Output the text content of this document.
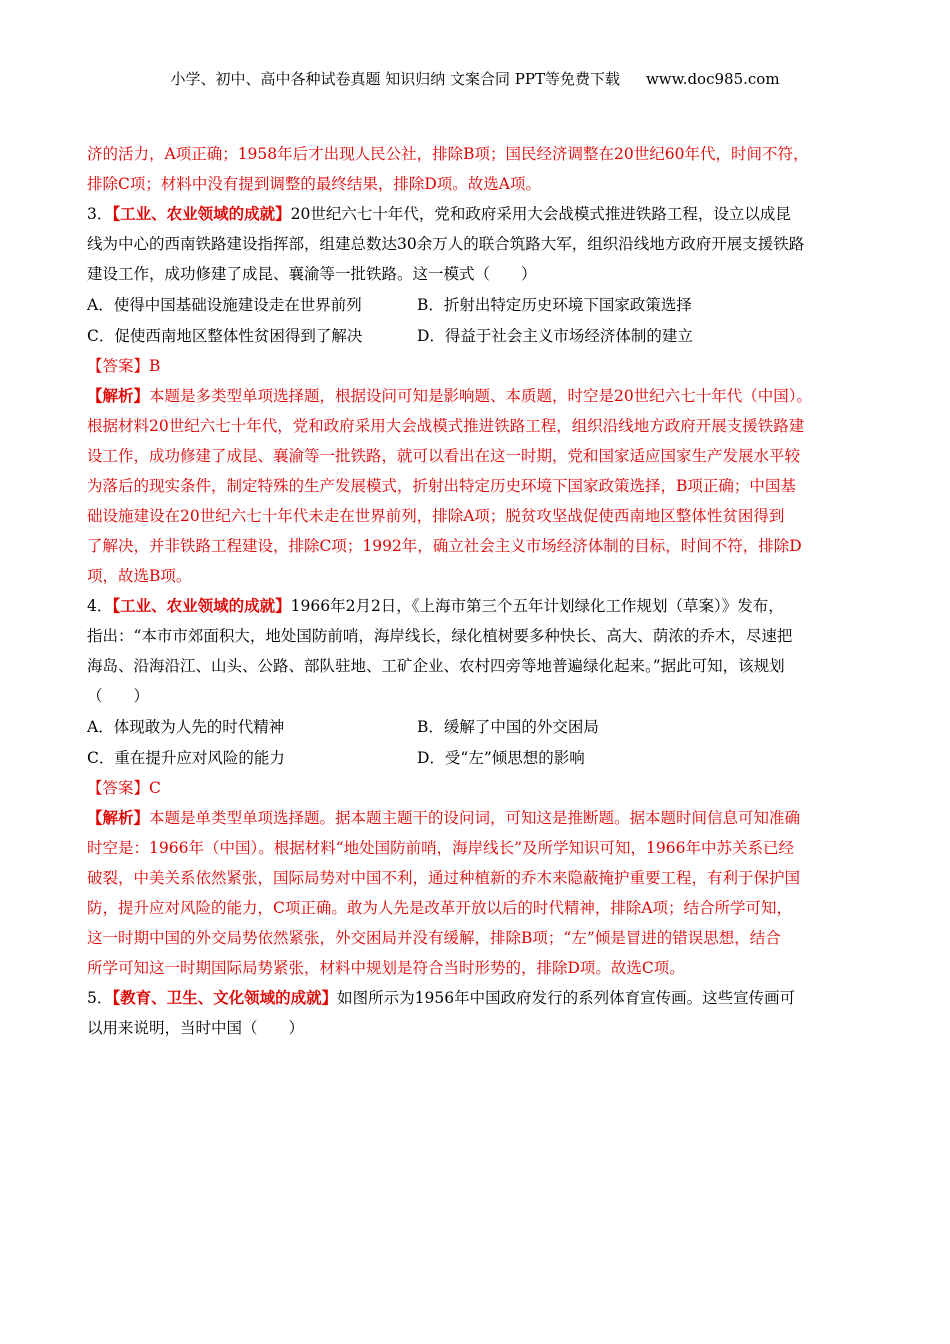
小学、初中、高中各种试卷真题 知识归纳 文案合同 PPT等免费下载 www.doc985.com
济的活力，A项正确；1958年后才出现人民公社，排除B项；国民经济调整在20世纪60年代，时间不符，
排除C项；材料中没有提到调整的最终结果，排除D项。故选A项。
3．【工业、农业领域的成就】20世纪六七十年代，党和政府采用大会战模式推进铁路工程，设立以成昆
线为中心的西南铁路建设指挥部，组建总数达30余万人的联合筑路大军，组织沿线地方政府开展支援铁路
建设工作，成功修建了成昆、襄渝等一批铁路。这一模式（　　）
A．使得中国基础设施建设走在世界前列	B．折射出特定历史环境下国家政策选择
C．促使西南地区整体性贫困得到了解决	D．得益于社会主义市场经济体制的建立
【答案】B
【解析】本题是多类型单项选择题，根据设问可知是影响题、本质题，时空是20世纪六七十年代（中国）。
根据材料20世纪六七十年代，党和政府采用大会战模式推进铁路工程，组织沿线地方政府开展支援铁路建
设工作，成功修建了成昆、襄渝等一批铁路，就可以看出在这一时期，党和国家适应国家生产发展水平较
为落后的现实条件，制定特殊的生产发展模式，折射出特定历史环境下国家政策选择，B项正确；中国基
础设施建设在20世纪六七十年代未走在世界前列，排除A项；脱贫攻坚战促使西南地区整体性贫困得到
了解决，并非铁路工程建设，排除C项；1992年，确立社会主义市场经济体制的目标，时间不符，排除D
项，故选B项。
4．【工业、农业领域的成就】1966年2月2日，《上海市第三个五年计划绿化工作规划（草案）》发布，
指出：“本市市郊面积大，地处国防前哨，海岸线长，绿化植树要多种快长、高大、荫浓的乔木，尽速把
海岛、沿海沿江、山头、公路、部队驻地、工矿企业、农村四旁等地普遍绿化起来。”据此可知，该规划
（　　）
A．体现敢为人先的时代精神	B．缓解了中国的外交困局
C．重在提升应对风险的能力	D．受“左”倾思想的影响
【答案】C
【解析】本题是单类型单项选择题。据本题主题干的设问词，可知这是推断题。据本题时间信息可知准确
时空是：1966年（中国）。根据材料“地处国防前哨，海岸线长”及所学知识可知，1966年中苏关系已经
破裂，中美关系依然紧张，国际局势对中国不利，通过种植新的乔木来隐蔽掩护重要工程，有利于保护国
防，提升应对风险的能力，C项正确。敢为人先是改革开放以后的时代精神，排除A项；结合所学可知，
这一时期中国的外交局势依然紧张，外交困局并没有缓解，排除B项；“左”倾是冒进的错误思想，结合
所学可知这一时期国际局势紧张，材料中规划是符合当时形势的，排除D项。故选C项。
5．【教育、卫生、文化领域的成就】如图所示为1956年中国政府发行的系列体育宣传画。这些宣传画可
以用来说明，当时中国（　　）
